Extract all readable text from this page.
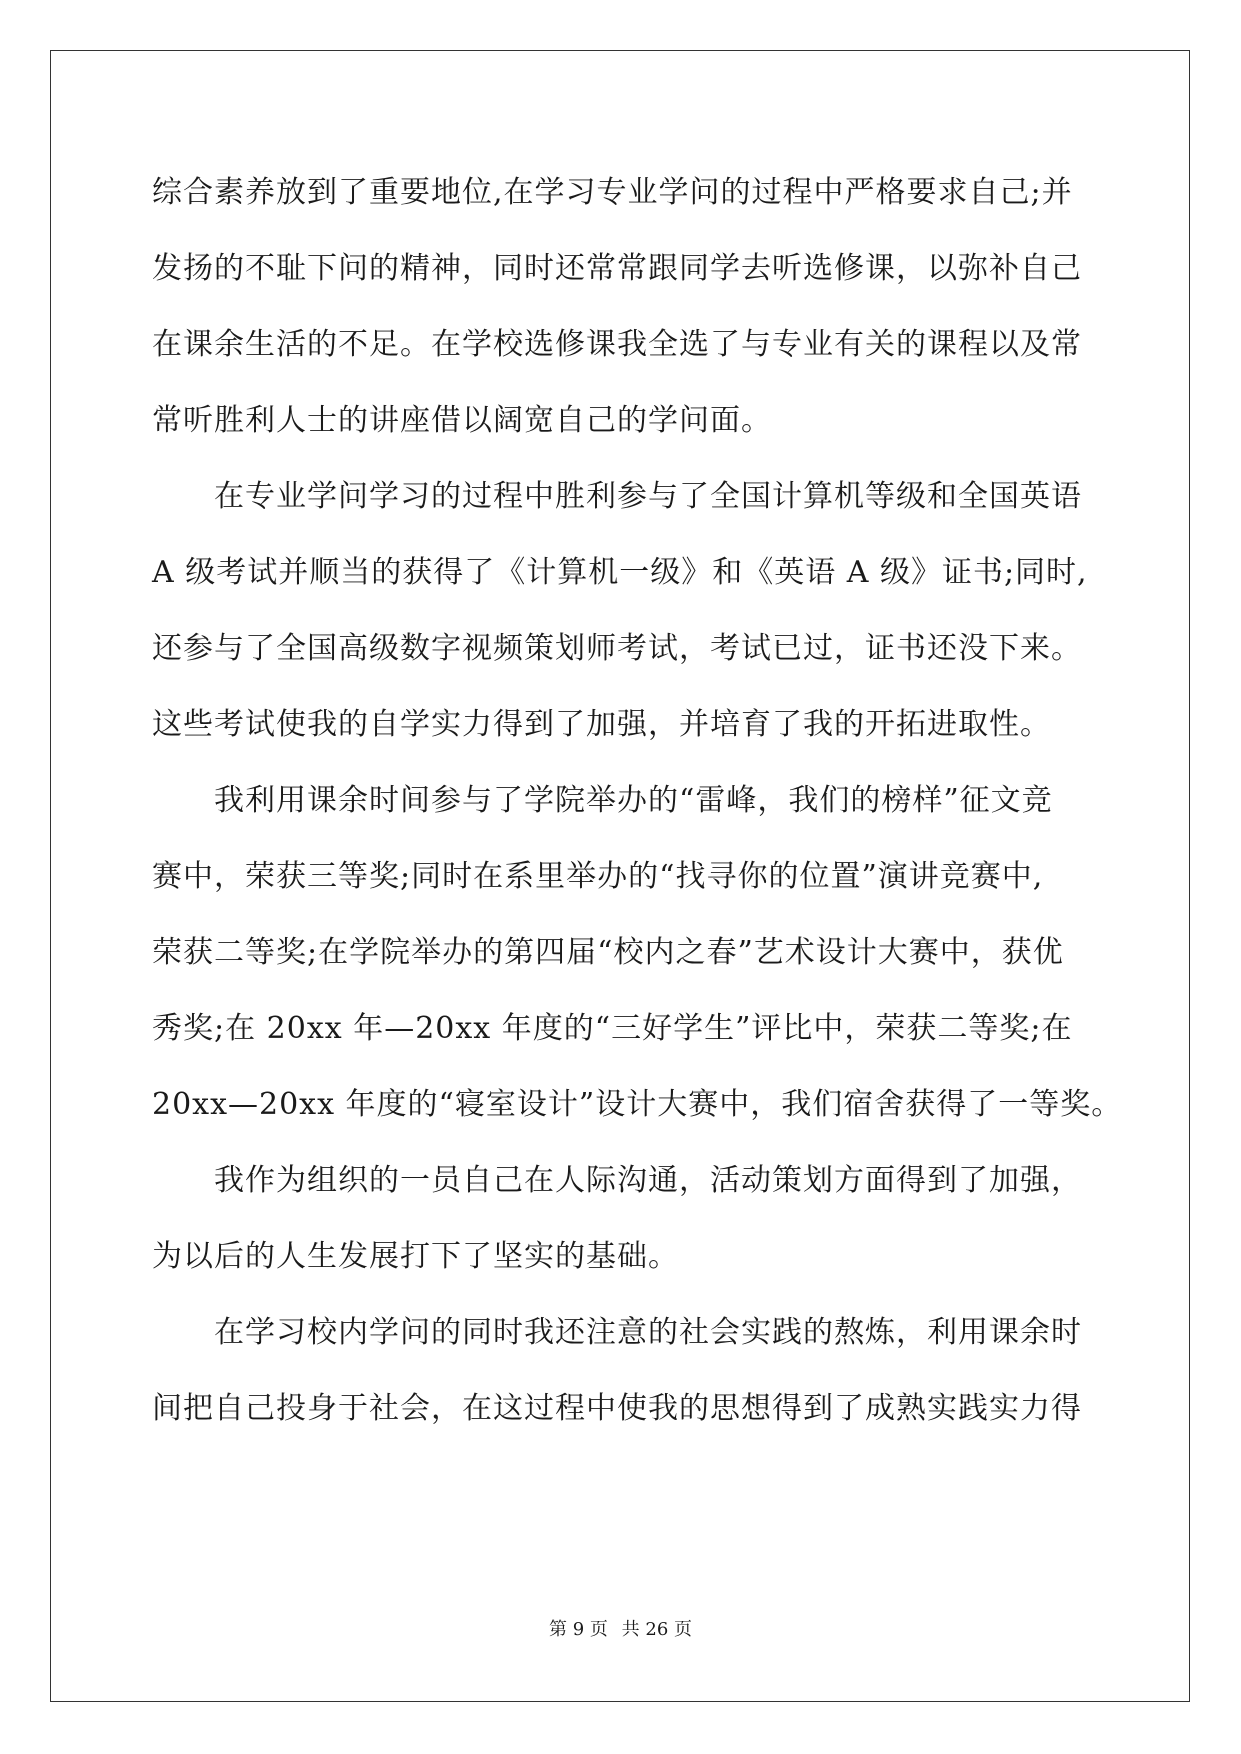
综合素养放到了重要地位,在学习专业学问的过程中严格要求自己;并
发扬的不耻下问的精神，同时还常常跟同学去听选修课，以弥补自己
在课余生活的不足。在学校选修课我全选了与专业有关的课程以及常
常听胜利人士的讲座借以阔宽自己的学问面。
在专业学问学习的过程中胜利参与了全国计算机等级和全国英语
A 级考试并顺当的获得了《计算机一级》和《英语 A 级》证书;同时,
还参与了全国高级数字视频策划师考试，考试已过，证书还没下来。
这些考试使我的自学实力得到了加强，并培育了我的开拓进取性。
我利用课余时间参与了学院举办的“雷峰，我们的榜样”征文竞
赛中，荣获三等奖;同时在系里举办的“找寻你的位置”演讲竞赛中,
荣获二等奖;在学院举办的第四届“校内之春”艺术设计大赛中，获优
秀奖;在 20xx 年—20xx 年度的“三好学生”评比中，荣获二等奖;在
20xx—20xx 年度的“寝室设计”设计大赛中，我们宿舍获得了一等奖。
我作为组织的一员自己在人际沟通，活动策划方面得到了加强，
为以后的人生发展打下了坚实的基础。
在学习校内学问的同时我还注意的社会实践的熬炼，利用课余时
间把自己投身于社会，在这过程中使我的思想得到了成熟实践实力得
第 9 页 共 26 页
